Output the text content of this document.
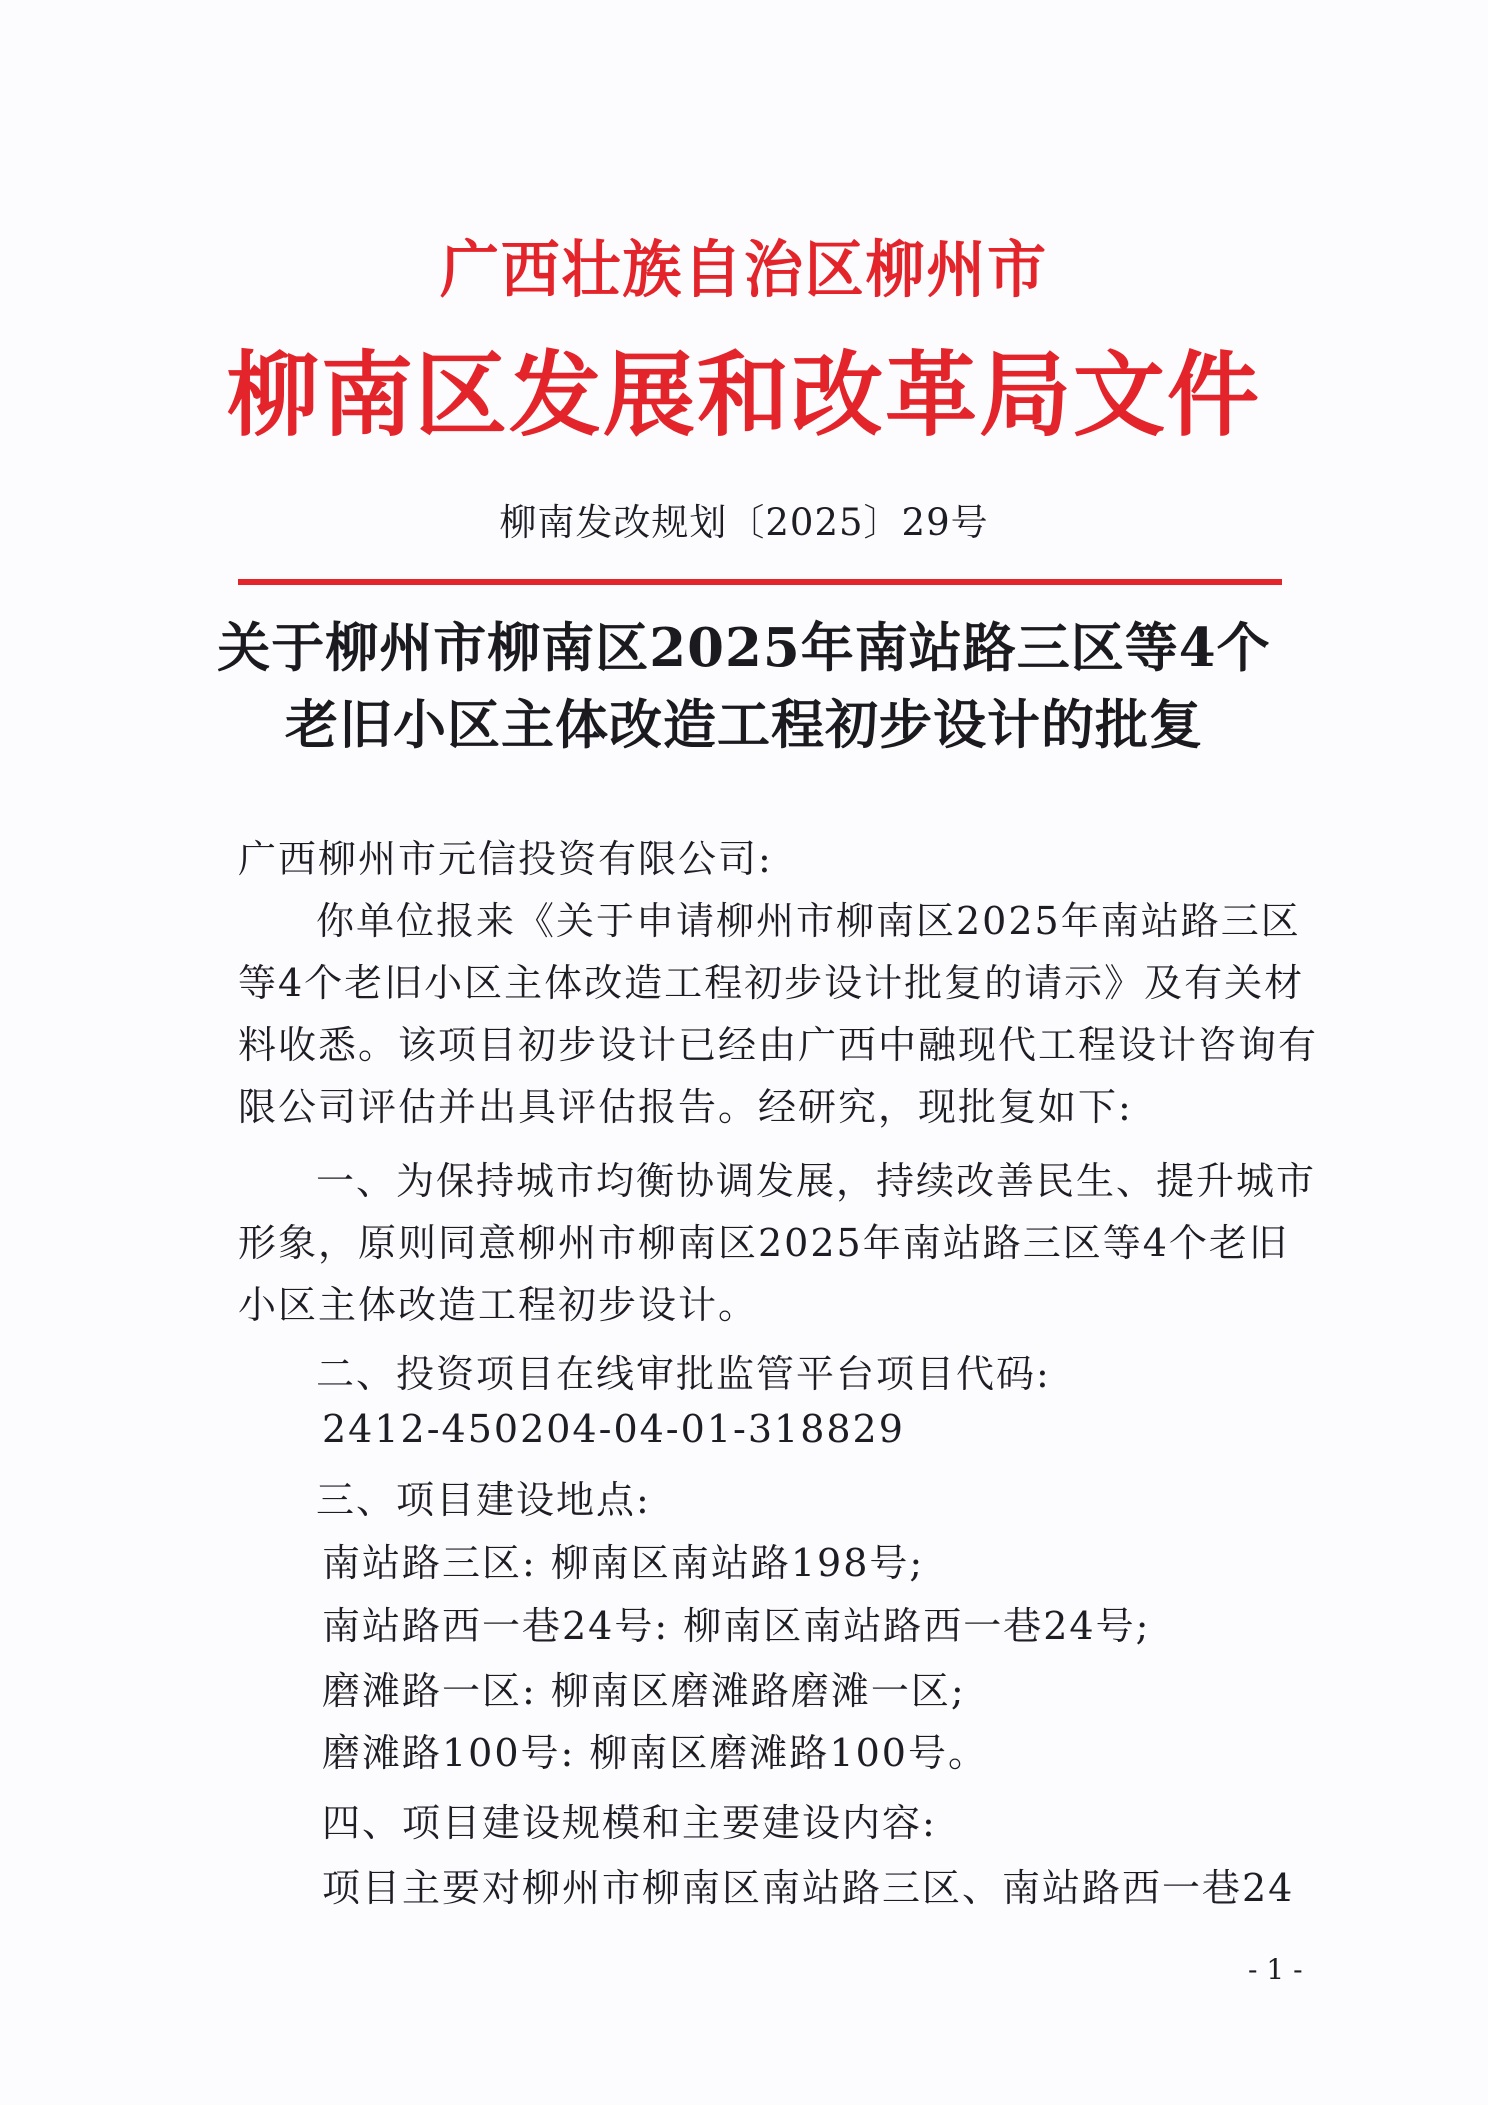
广西壮族自治区柳州市
柳南区发展和改革局文件
柳南发改规划〔2025〕29号
关于柳州市柳南区2025年南站路三区等4个
老旧小区主体改造工程初步设计的批复
广西柳州市元信投资有限公司:
你单位报来《关于申请柳州市柳南区2025年南站路三区
等4个老旧小区主体改造工程初步设计批复的请示》及有关材
料收悉。该项目初步设计已经由广西中融现代工程设计咨询有
限公司评估并出具评估报告。经研究，现批复如下:
一、为保持城市均衡协调发展，持续改善民生、提升城市
形象，原则同意柳州市柳南区2025年南站路三区等4个老旧
小区主体改造工程初步设计。
二、投资项目在线审批监管平台项目代码:
2412-450204-04-01-318829
三、项目建设地点:
南站路三区: 柳南区南站路198号;
南站路西一巷24号: 柳南区南站路西一巷24号;
磨滩路一区: 柳南区磨滩路磨滩一区;
磨滩路100号: 柳南区磨滩路100号。
四、项目建设规模和主要建设内容:
项目主要对柳州市柳南区南站路三区、南站路西一巷24
- 1 -
